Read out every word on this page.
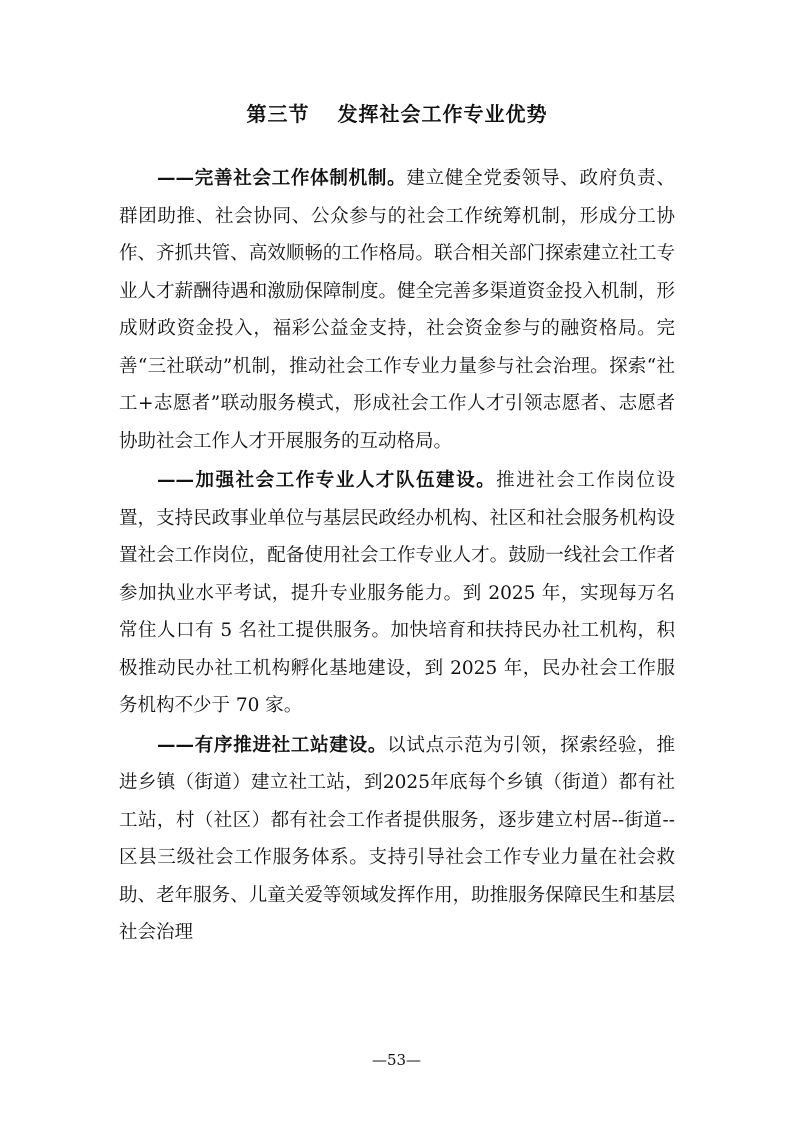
第三节 发挥社会工作专业优势

——完善社会工作体制机制。建立健全党委领导、政府负责、群团助推、社会协同、公众参与的社会工作统筹机制，形成分工协作、齐抓共管、高效顺畅的工作格局。联合相关部门探索建立社工专业人才薪酬待遇和激励保障制度。健全完善多渠道资金投入机制，形成财政资金投入，福彩公益金支持，社会资金参与的融资格局。完善“三社联动”机制，推动社会工作专业力量参与社会治理。探索“社工+志愿者”联动服务模式，形成社会工作人才引领志愿者、志愿者协助社会工作人才开展服务的互动格局。

——加强社会工作专业人才队伍建设。推进社会工作岗位设置，支持民政事业单位与基层民政经办机构、社区和社会服务机构设置社会工作岗位，配备使用社会工作专业人才。鼓励一线社会工作者参加执业水平考试，提升专业服务能力。到 2025 年，实现每万名常住人口有 5 名社工提供服务。加快培育和扶持民办社工机构，积极推动民办社工机构孵化基地建设，到 2025 年，民办社会工作服务机构不少于 70 家。

——有序推进社工站建设。以试点示范为引领，探索经验，推进乡镇（街道）建立社工站，到2025年底每个乡镇（街道）都有社工站，村（社区）都有社会工作者提供服务，逐步建立村居--街道--区县三级社会工作服务体系。支持引导社会工作专业力量在社会救助、老年服务、儿童关爱等领域发挥作用，助推服务保障民生和基层社会治理

—53—
